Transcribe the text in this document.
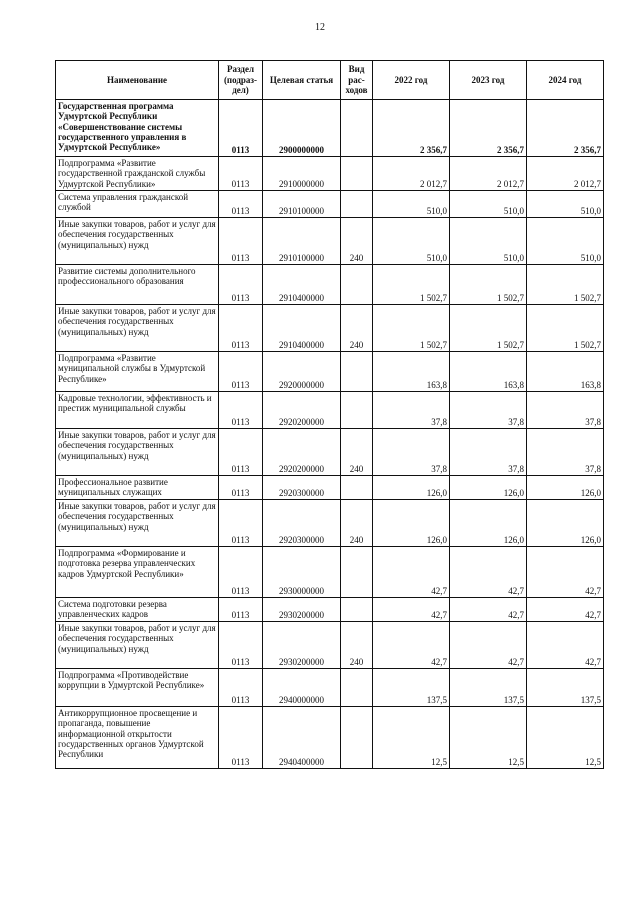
12
Наименование	Раздел (подраз-дел)	Целевая статья	Вид рас-ходов	2022 год	2023 год	2024 год
Государственная программа Удмуртской Республики «Совершенствование системы государственного управления в Удмуртской Республике»	0113	2900000000		2 356,7	2 356,7	2 356,7
Подпрограмма «Развитие государственной гражданской службы Удмуртской Республики»	0113	2910000000		2 012,7	2 012,7	2 012,7
Система управления гражданской службой	0113	2910100000		510,0	510,0	510,0
Иные закупки товаров, работ и услуг для обеспечения государственных (муниципальных) нужд	0113	2910100000	240	510,0	510,0	510,0
Развитие системы дополнительного профессионального образования	0113	2910400000		1 502,7	1 502,7	1 502,7
Иные закупки товаров, работ и услуг для обеспечения государственных (муниципальных) нужд	0113	2910400000	240	1 502,7	1 502,7	1 502,7
Подпрограмма «Развитие муниципальной службы в Удмуртской Республике»	0113	2920000000		163,8	163,8	163,8
Кадровые технологии, эффективность и престиж муниципальной службы	0113	2920200000		37,8	37,8	37,8
Иные закупки товаров, работ и услуг для обеспечения государственных (муниципальных) нужд	0113	2920200000	240	37,8	37,8	37,8
Профессиональное развитие муниципальных служащих	0113	2920300000		126,0	126,0	126,0
Иные закупки товаров, работ и услуг для обеспечения государственных (муниципальных) нужд	0113	2920300000	240	126,0	126,0	126,0
Подпрограмма «Формирование и подготовка резерва управленческих кадров Удмуртской Республики»	0113	2930000000		42,7	42,7	42,7
Система подготовки резерва управленческих кадров	0113	2930200000		42,7	42,7	42,7
Иные закупки товаров, работ и услуг для обеспечения государственных (муниципальных) нужд	0113	2930200000	240	42,7	42,7	42,7
Подпрограмма «Противодействие коррупции в Удмуртской Республике»	0113	2940000000		137,5	137,5	137,5
Антикоррупционное просвещение и пропаганда, повышение информационной открытости государственных органов Удмуртской Республики	0113	2940400000		12,5	12,5	12,5
